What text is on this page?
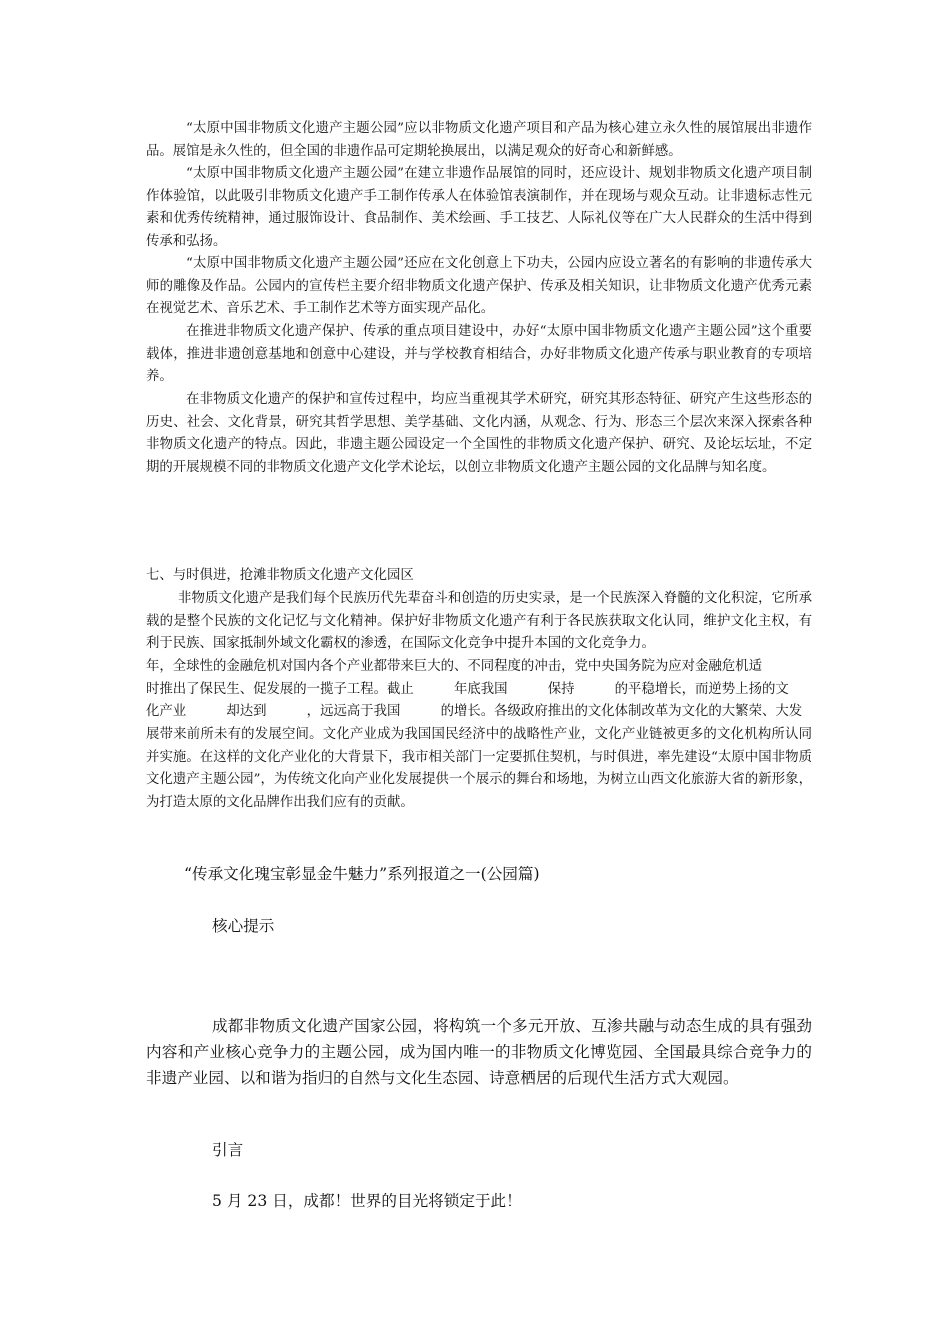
“太原中国非物质文化遗产主题公园”应以非物质文化遗产项目和产品为核心建立永久性的展馆展出非遗作品。展馆是永久性的，但全国的非遗作品可定期轮换展出，以满足观众的好奇心和新鲜感。

“太原中国非物质文化遗产主题公园”在建立非遗作品展馆的同时，还应设计、规划非物质文化遗产项目制作体验馆，以此吸引非物质文化遗产手工制作传承人在体验馆表演制作，并在现场与观众互动。让非遗标志性元素和优秀传统精神，通过服饰设计、食品制作、美术绘画、手工技艺、人际礼仪等在广大人民群众的生活中得到传承和弘扬。

“太原中国非物质文化遗产主题公园”还应在文化创意上下功夫，公园内应设立著名的有影响的非遗传承大师的雕像及作品。公园内的宣传栏主要介绍非物质文化遗产保护、传承及相关知识，让非物质文化遗产优秀元素在视觉艺术、音乐艺术、手工制作艺术等方面实现产品化。

在推进非物质文化遗产保护、传承的重点项目建设中，办好“太原中国非物质文化遗产主题公园”这个重要载体，推进非遗创意基地和创意中心建设，并与学校教育相结合，办好非物质文化遗产传承与职业教育的专项培养。

在非物质文化遗产的保护和宣传过程中，均应当重视其学术研究，研究其形态特征、研究产生这些形态的历史、社会、文化背景，研究其哲学思想、美学基础、文化内涵，从观念、行为、形态三个层次来深入探索各种非物质文化遗产的特点。因此，非遗主题公园设定一个全国性的非物质文化遗产保护、研究、及论坛坛址，不定期的开展规模不同的非物质文化遗产文化学术论坛，以创立非物质文化遗产主题公园的文化品牌与知名度。

七、与时俱进，抢滩非物质文化遗产文化园区

非物质文化遗产是我们每个民族历代先辈奋斗和创造的历史实录，是一个民族深入脊髓的文化积淀，它所承载的是整个民族的文化记忆与文化精神。保护好非物质文化遗产有利于各民族获取文化认同，维护文化主权，有利于民族、国家抵制外域文化霸权的渗透，在国际文化竞争中提升本国的文化竞争力。

年，全球性的金融危机对国内各个产业都带来巨大的、不同程度的冲击，党中央国务院为应对金融危机适

时推出了保民生、促发展的一揽子工程。截止　　　年底我国　　　保持　　　的平稳增长，而逆势上扬的文

化产业　　　却达到　　　，远远高于我国　　　的增长。各级政府推出的文化体制改革为文化的大繁荣、大发

展带来前所未有的发展空间。文化产业成为我国国民经济中的战略性产业，文化产业链被更多的文化机构所认同并实施。在这样的文化产业化的大背景下，我市相关部门一定要抓住契机，与时俱进，率先建设“太原中国非物质文化遗产主题公园”，为传统文化向产业化发展提供一个展示的舞台和场地，为树立山西文化旅游大省的新形象，为打造太原的文化品牌作出我们应有的贡献。

“传承文化瑰宝彰显金牛魅力”系列报道之一(公园篇)

核心提示

成都非物质文化遗产国家公园，将构筑一个多元开放、互渗共融与动态生成的具有强劲内容和产业核心竞争力的主题公园，成为国内唯一的非物质文化博览园、全国最具综合竞争力的非遗产业园、以和谐为指归的自然与文化生态园、诗意栖居的后现代生活方式大观园。

引言

5 月 23 日，成都！世界的目光将锁定于此！
